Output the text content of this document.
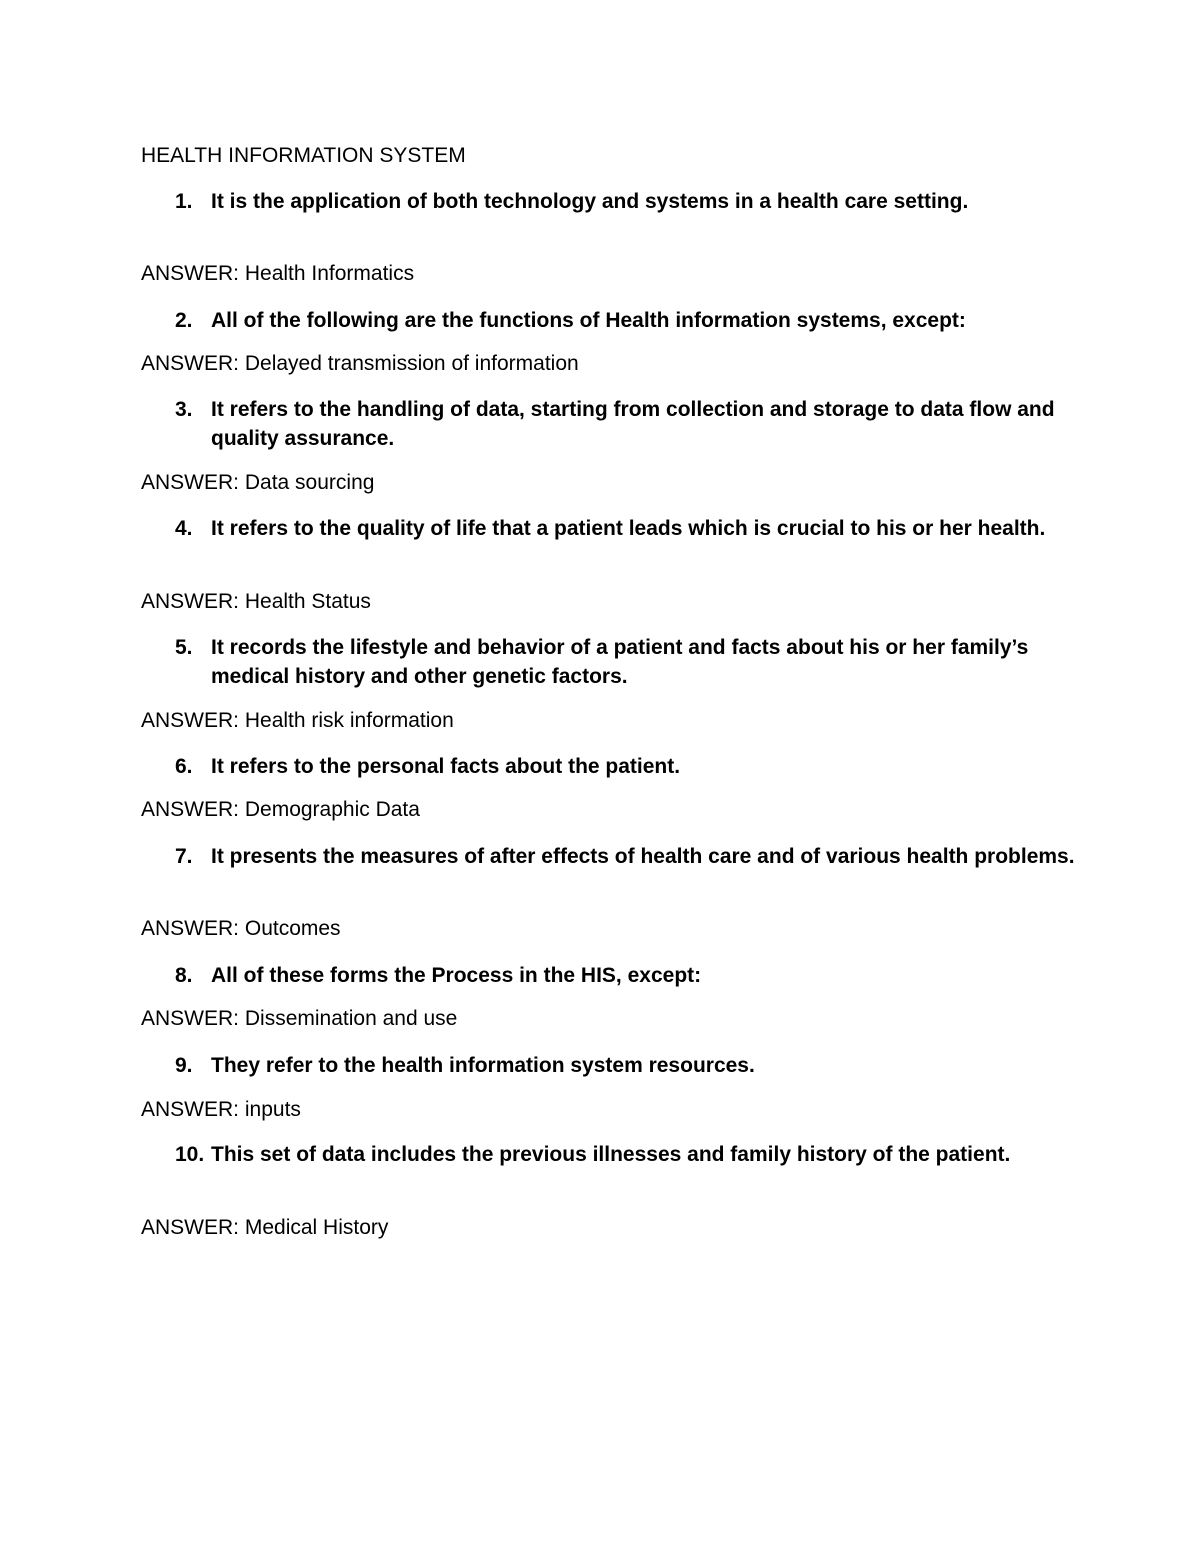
HEALTH INFORMATION SYSTEM
1. It is the application of both technology and systems in a health care setting.
ANSWER: Health Informatics
2. All of the following are the functions of Health information systems, except:
ANSWER: Delayed transmission of information
3. It refers to the handling of data, starting from collection and storage to data flow and quality assurance.
ANSWER: Data sourcing
4. It refers to the quality of life that a patient leads which is crucial to his or her health.
ANSWER: Health Status
5. It records the lifestyle and behavior of a patient and facts about his or her family’s medical history and other genetic factors.
ANSWER: Health risk information
6. It refers to the personal facts about the patient.
ANSWER: Demographic Data
7. It presents the measures of after effects of health care and of various health problems.
ANSWER: Outcomes
8. All of these forms the Process in the HIS, except:
ANSWER: Dissemination and use
9. They refer to the health information system resources.
ANSWER: inputs
10. This set of data includes the previous illnesses and family history of the patient.
ANSWER: Medical History
